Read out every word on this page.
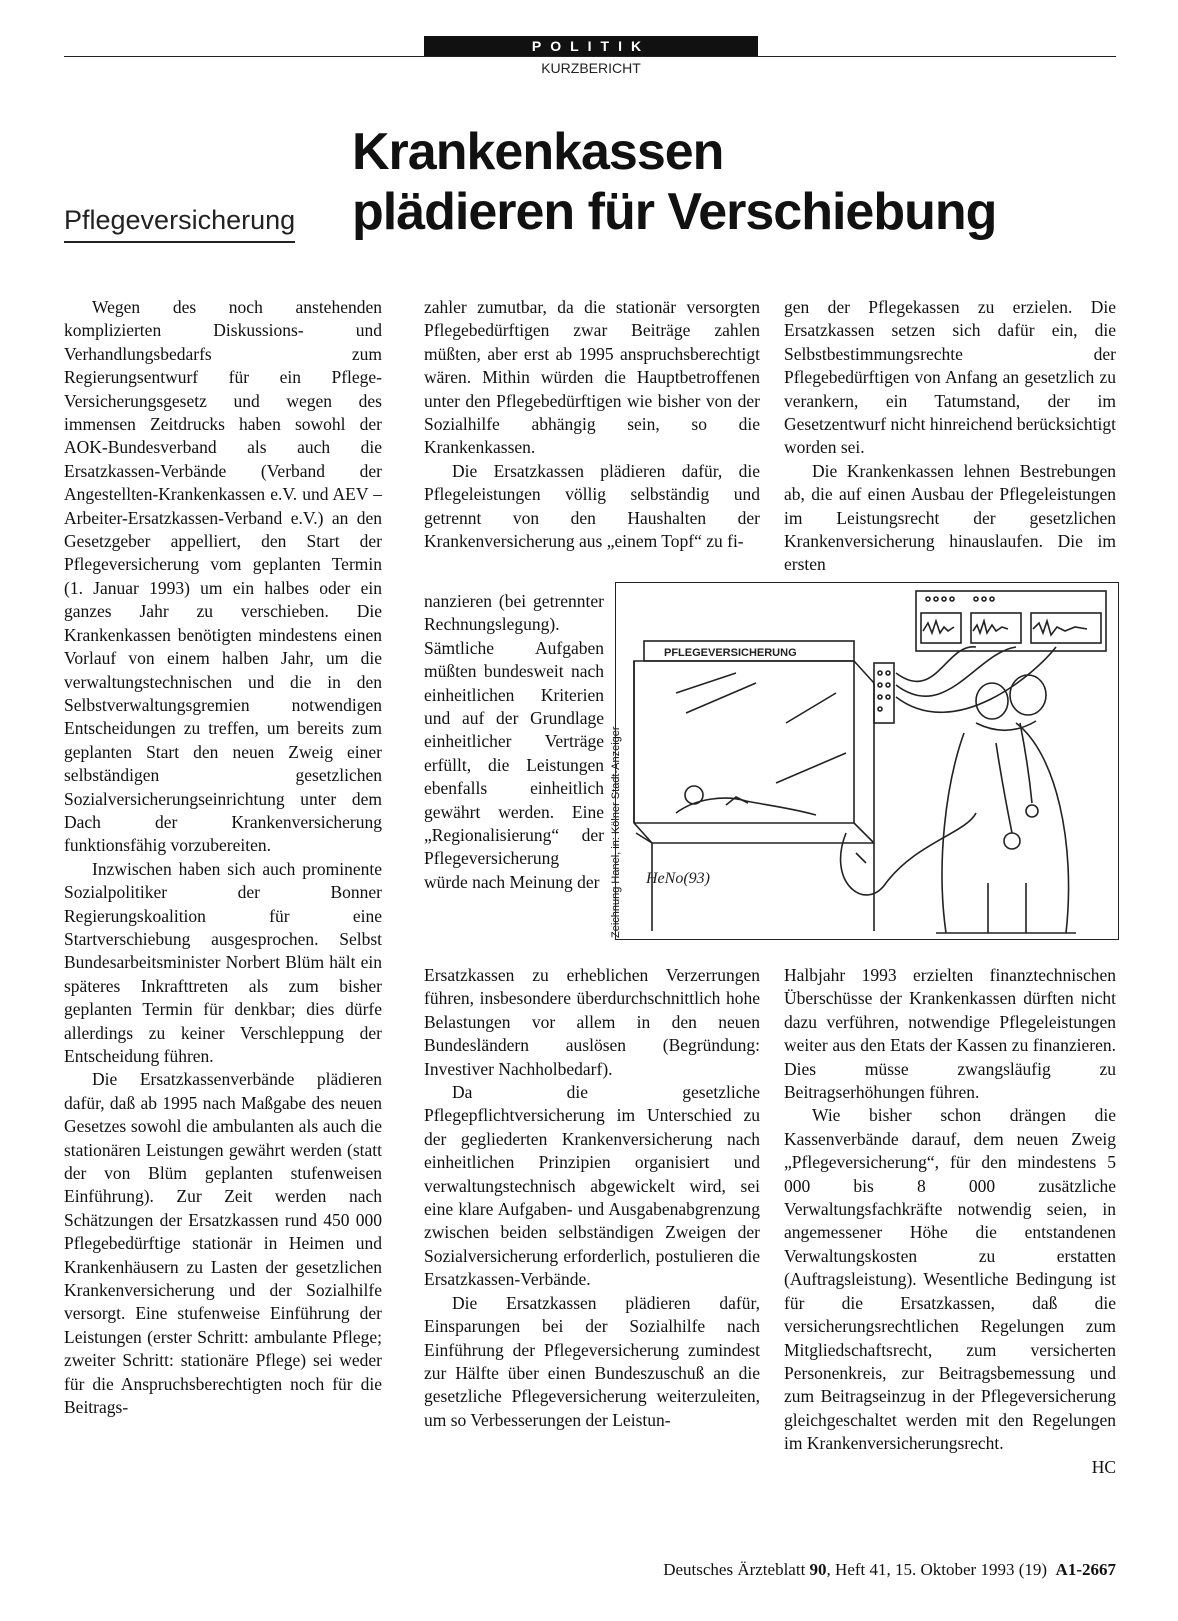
POLITIK
KURZBERICHT
Pflegeversicherung
Krankenkassen
plädieren für Verschiebung

Wegen des noch anstehenden komplizierten Diskussions- und Verhandlungsbedarfs zum Regierungsentwurf für ein Pflege-Versicherungsgesetz und wegen des immensen Zeitdrucks haben sowohl der AOK-Bundesverband als auch die Ersatzkassen-Verbände (Verband der Angestellten-Krankenkassen e.V. und AEV – Arbeiter-Ersatzkassen-Verband e.V.) an den Gesetzgeber appelliert, den Start der Pflegeversicherung vom geplanten Termin (1. Januar 1993) um ein halbes oder ein ganzes Jahr zu verschieben. Die Krankenkassen benötigten mindestens einen Vorlauf von einem halben Jahr, um die verwaltungstechnischen und die in den Selbstverwaltungsgremien notwendigen Entscheidungen zu treffen, um bereits zum geplanten Start den neuen Zweig einer selbständigen gesetzlichen Sozialversicherungseinrichtung unter dem Dach der Krankenversicherung funktionsfähig vorzubereiten.

Inzwischen haben sich auch prominente Sozialpolitiker der Bonner Regierungskoalition für eine Startverschiebung ausgesprochen. Selbst Bundesarbeitsminister Norbert Blüm hält ein späteres Inkrafttreten als zum bisher geplanten Termin für denkbar; dies dürfe allerdings zu keiner Verschleppung der Entscheidung führen.

Die Ersatzkassenverbände plädieren dafür, daß ab 1995 nach Maßgabe des neuen Gesetzes sowohl die ambulanten als auch die stationären Leistungen gewährt werden (statt der von Blüm geplanten stufenweisen Einführung). Zur Zeit werden nach Schätzungen der Ersatzkassen rund 450 000 Pflegebedürftige stationär in Heimen und Krankenhäusern zu Lasten der gesetzlichen Krankenversicherung und der Sozialhilfe versorgt. Eine stufenweise Einführung der Leistungen (erster Schritt: ambulante Pflege; zweiter Schritt: stationäre Pflege) sei weder für die Anspruchsberechtigten noch für die Beitrags-

zahler zumutbar, da die stationär versorgten Pflegebedürftigen zwar Beiträge zahlen müßten, aber erst ab 1995 anspruchsberechtigt wären. Mithin würden die Hauptbetroffenen unter den Pflegebedürftigen wie bisher von der Sozialhilfe abhängig sein, so die Krankenkassen.

Die Ersatzkassen plädieren dafür, die Pflegeleistungen völlig selbständig und getrennt von den Haushalten der Krankenversicherung aus „einem Topf“ zu fi-

nanzieren (bei getrennter Rechnungslegung). Sämtliche Aufgaben müßten bundesweit nach einheitlichen Kriterien und auf der Grundlage einheitlicher Verträge erfüllt, die Leistungen ebenfalls einheitlich gewährt werden. Eine „Regionalisierung“ der Pflegeversicherung würde nach Meinung der

Ersatzkassen zu erheblichen Verzerrungen führen, insbesondere überdurchschnittlich hohe Belastungen vor allem in den neuen Bundesländern auslösen (Begründung: Investiver Nachholbedarf).

Da die gesetzliche Pflegepflichtversicherung im Unterschied zu der gegliederten Krankenversicherung nach einheitlichen Prinzipien organisiert und verwaltungstechnisch abgewickelt wird, sei eine klare Aufgaben- und Ausgabenabgrenzung zwischen beiden selbständigen Zweigen der Sozialversicherung erforderlich, postulieren die Ersatzkassen-Verbände.

Die Ersatzkassen plädieren dafür, Einsparungen bei der Sozialhilfe nach Einführung der Pflegeversicherung zumindest zur Hälfte über einen Bundeszuschuß an die gesetzliche Pflegeversicherung weiterzuleiten, um so Verbesserungen der Leistun-

gen der Pflegekassen zu erzielen. Die Ersatzkassen setzen sich dafür ein, die Selbstbestimmungsrechte der Pflegebedürftigen von Anfang an gesetzlich zu verankern, ein Tatumstand, der im Gesetzentwurf nicht hinreichend berücksichtigt worden sei.

Die Krankenkassen lehnen Bestrebungen ab, die auf einen Ausbau der Pflegeleistungen im Leistungsrecht der gesetzlichen Krankenversicherung hinauslaufen. Die im ersten

Halbjahr 1993 erzielten finanztechnischen Überschüsse der Krankenkassen dürften nicht dazu verführen, notwendige Pflegeleistungen weiter aus den Etats der Kassen zu finanzieren. Dies müsse zwangsläufig zu Beitragserhöhungen führen.

Wie bisher schon drängen die Kassenverbände darauf, dem neuen Zweig „Pflegeversicherung“, für den mindestens 5 000 bis 8 000 zusätzliche Verwaltungsfachkräfte notwendig seien, in angemessener Höhe die entstandenen Verwaltungskosten zu erstatten (Auftragsleistung). Wesentliche Bedingung ist für die Ersatzkassen, daß die versicherungsrechtlichen Regelungen zum Mitgliedschaftsrecht, zum versicherten Personenkreis, zur Beitragsbemessung und zum Beitragseinzug in der Pflegeversicherung gleichgeschaltet werden mit den Regelungen im Krankenversicherungsrecht.

HC
Zeichnung Hanel, in: Kölner Stadt-Anzeiger
PFLEGEVERSICHERUNG
HeNo(93)
Deutsches Ärzteblatt 90, Heft 41, 15. Oktober 1993 (19) A1-2667
